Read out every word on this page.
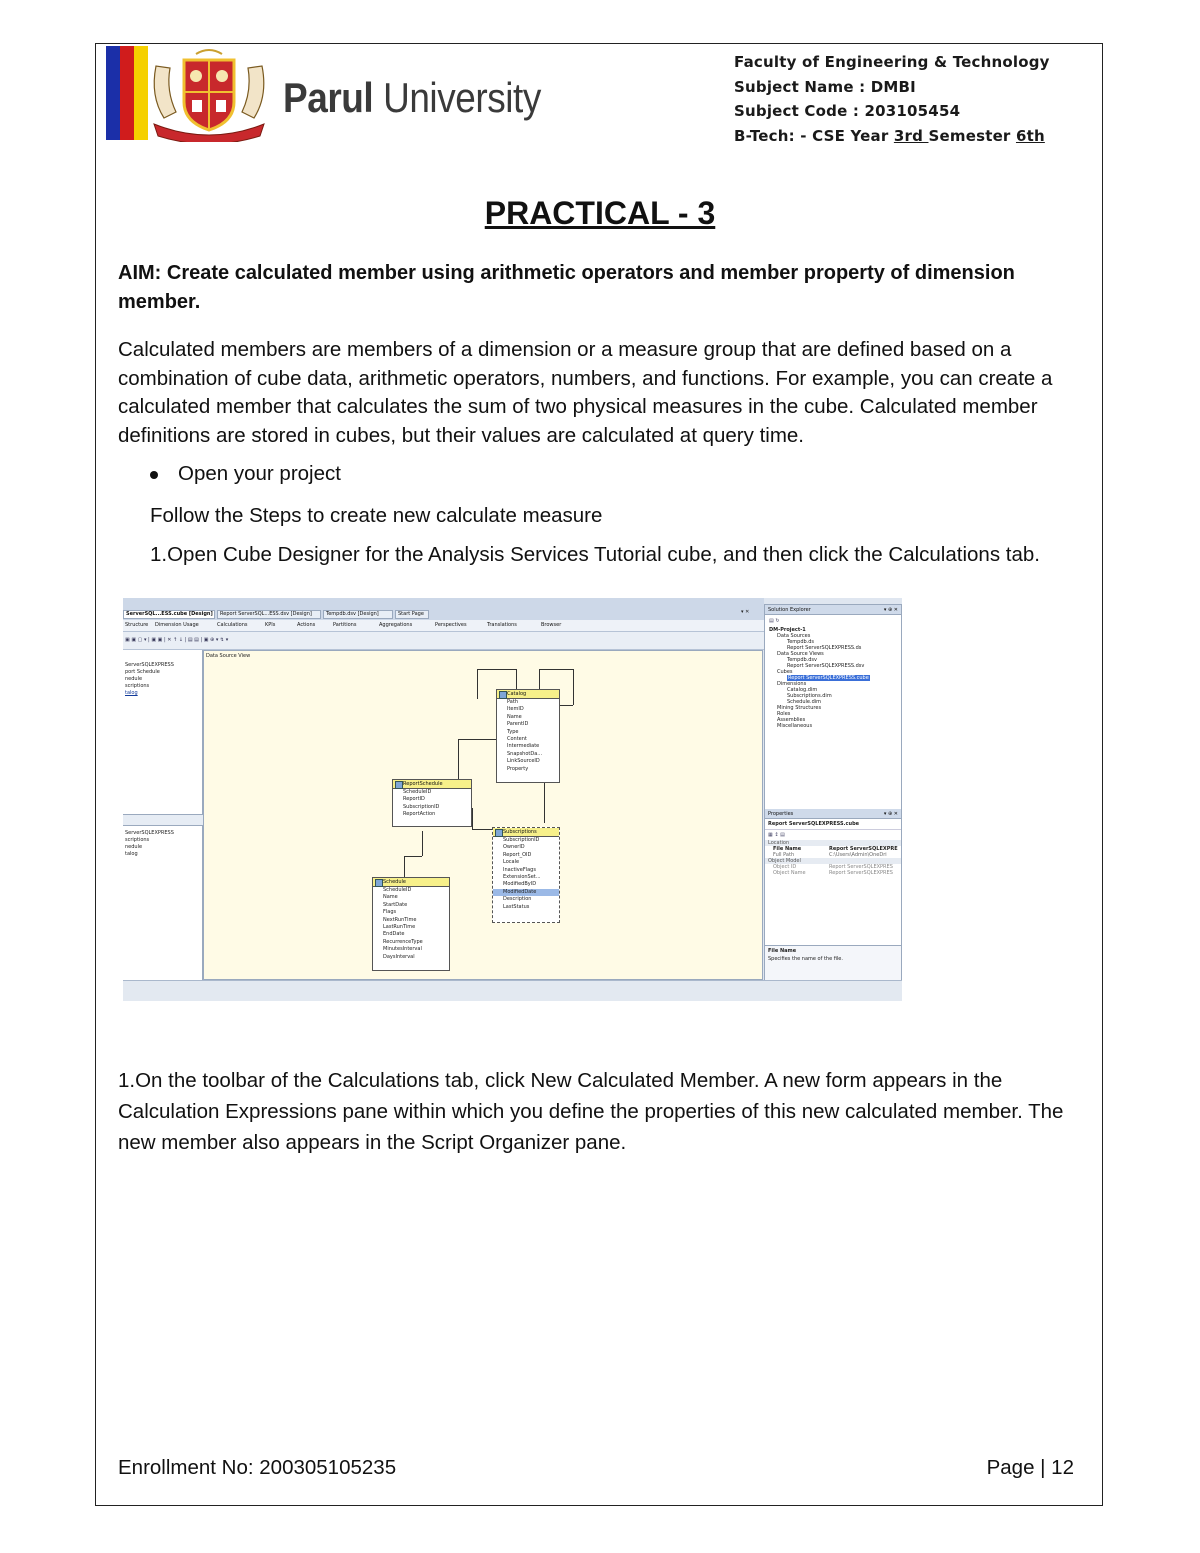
Parul University
Faculty of Engineering & Technology
Subject Name : DMBI
Subject Code : 203105454
B-Tech: - CSE Year 3rd Semester 6th
PRACTICAL - 3
AIM: Create calculated member using arithmetic operators and member property of dimension member.
Calculated members are members of a dimension or a measure group that are defined based on a combination of cube data, arithmetic operators, numbers, and functions. For example, you can create a calculated member that calculates the sum of two physical measures in the cube. Calculated member definitions are stored in cubes, but their values are calculated at query time.
Open your project
Follow the Steps to create new calculate measure
1.Open Cube Designer for the Analysis Services Tutorial cube, and then click the Calculations tab.
ServerSQL...ESS.cube [Design]	Report ServerSQL...ESS.dsv [Design]	Tempdb.dsv [Design]	Start Page	▾ ✕
Structure Dimension Usage	Calculations	KPIs	Actions	Partitions	Aggregations	Perspectives	Translations	Browser
▣ ▣ ▢ ▾ | ▣ ▣ | ✕ ↑ ↓ | ▤ ▤ | ▣ ⊕ ▾ ↯ ▾
ServerSQLEXPRESS
port Schedule
nedule
scriptions
talog
ServerSQLEXPRESS
scriptions
nedule
talog
Data Source View
Catalog
Path
ItemID
Name
ParentID
Type
Content
Intermediate
SnapshotDa...
LinkSourceID
Property
ReportSchedule
ScheduleID
ReportID
SubscriptionID
ReportAction
Subscriptions
SubscriptionID
OwnerID
Report_OID
Locale
InactiveFlags
ExtensionSet...
ModifiedByID
ModifiedDate
Description
LastStatus
Schedule
ScheduleID
Name
StartDate
Flags
NextRunTime
LastRunTime
EndDate
RecurrenceType
MinutesInterval
DaysInterval
Solution Explorer	▾ ⊕ ✕
▤ ↻
DM-Project-1
Data Sources
Tempdb.ds
Report ServerSQLEXPRESS.ds
Data Source Views
Tempdb.dsv
Report ServerSQLEXPRESS.dsv
Cubes
Report ServerSQLEXPRESS.cube
Dimensions
Catalog.dim
Subscriptions.dim
Schedule.dim
Mining Structures
Roles
Assemblies
Miscellaneous
Properties	▾ ⊕ ✕
Report ServerSQLEXPRESS.cube
▦ ↕ ▤
Location
File Name	Report ServerSQLEXPRE
Full Path	C:\Users\Admin\OneDri
Object Model
Object ID	Report ServerSQLEXPRES
Object Name	Report ServerSQLEXPRES
File Name
Specifies the name of the file.
1.On the toolbar of the Calculations tab, click New Calculated Member. A new form appears in the Calculation Expressions pane within which you define the properties of this new calculated member. The new member also appears in the Script Organizer pane.
Enrollment No: 200305105235	Page | 12
